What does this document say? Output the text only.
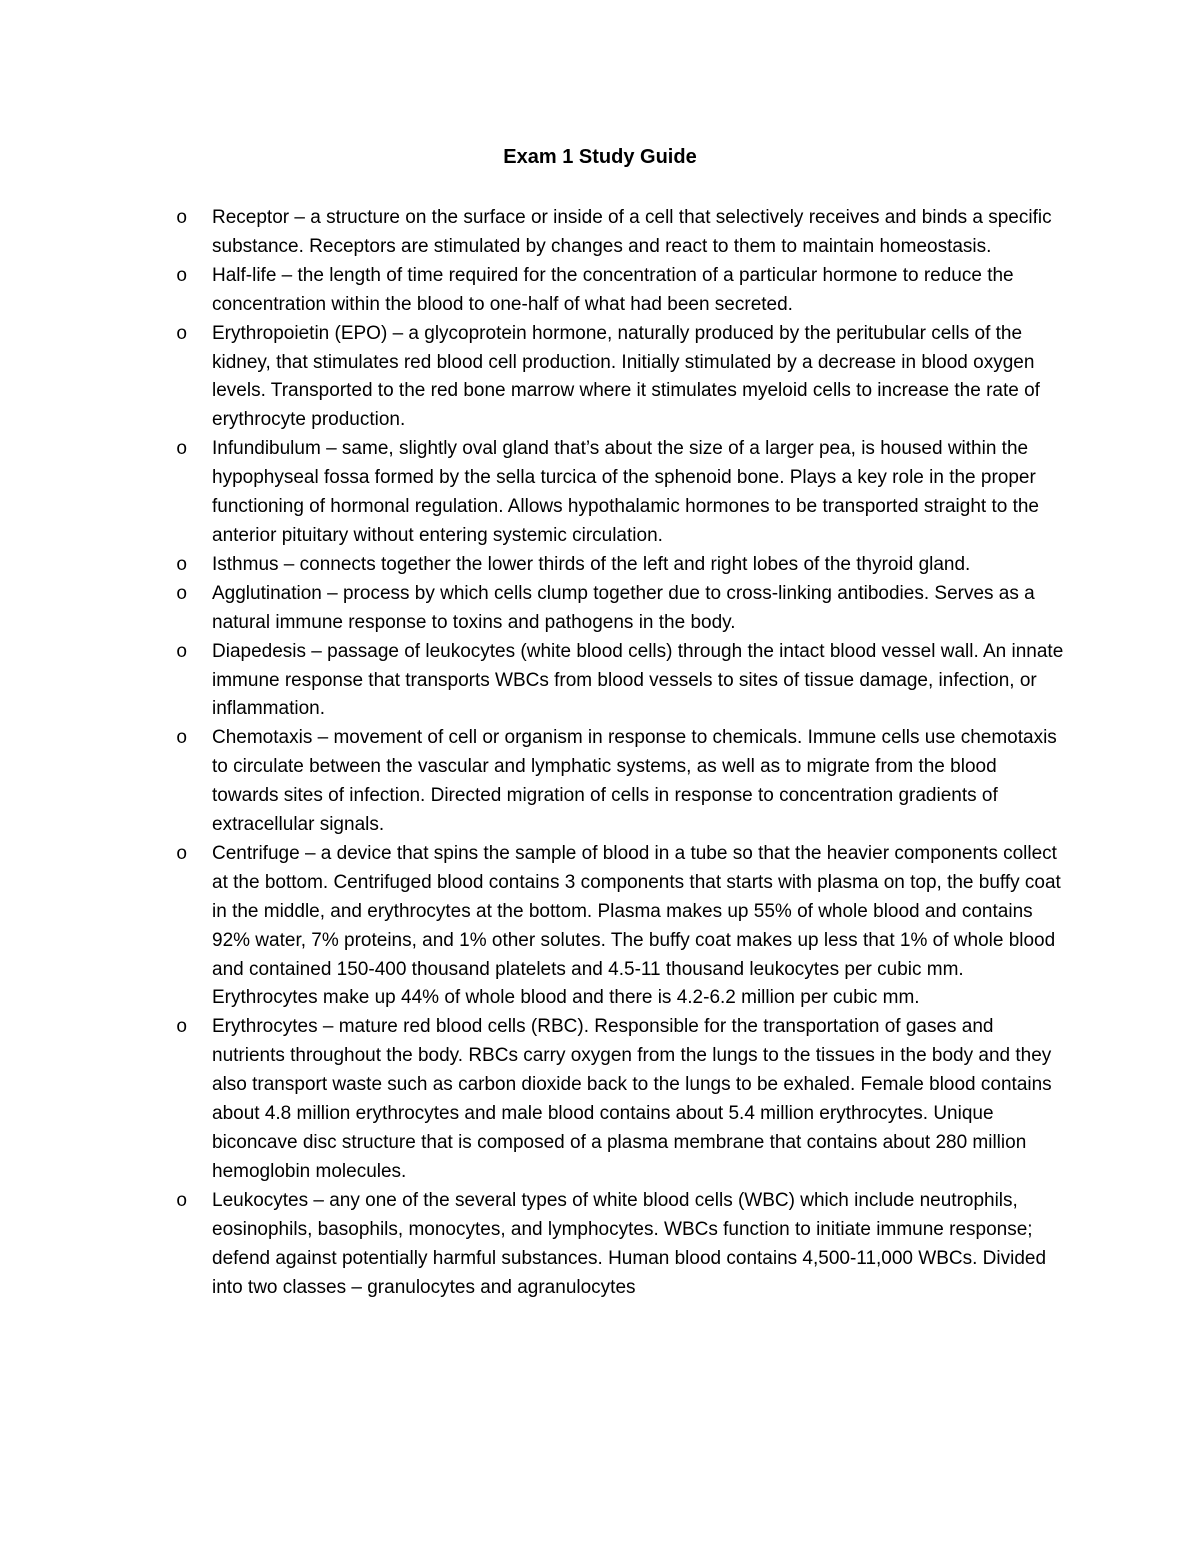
Exam 1 Study Guide
o	Receptor – a structure on the surface or inside of a cell that selectively receives and binds a specific substance. Receptors are stimulated by changes and react to them to maintain homeostasis.
o	Half-life – the length of time required for the concentration of a particular hormone to reduce the concentration within the blood to one-half of what had been secreted.
o	Erythropoietin (EPO) – a glycoprotein hormone, naturally produced by the peritubular cells of the kidney, that stimulates red blood cell production. Initially stimulated by a decrease in blood oxygen levels. Transported to the red bone marrow where it stimulates myeloid cells to increase the rate of erythrocyte production.
o	Infundibulum – same, slightly oval gland that’s about the size of a larger pea, is housed within the hypophyseal fossa formed by the sella turcica of the sphenoid bone. Plays a key role in the proper functioning of hormonal regulation. Allows hypothalamic hormones to be transported straight to the anterior pituitary without entering systemic circulation.
o	Isthmus – connects together the lower thirds of the left and right lobes of the thyroid gland.
o	Agglutination – process by which cells clump together due to cross-linking antibodies. Serves as a natural immune response to toxins and pathogens in the body.
o	Diapedesis – passage of leukocytes (white blood cells) through the intact blood vessel wall. An innate immune response that transports WBCs from blood vessels to sites of tissue damage, infection, or inflammation.
o	Chemotaxis – movement of cell or organism in response to chemicals. Immune cells use chemotaxis to circulate between the vascular and lymphatic systems, as well as to migrate from the blood towards sites of infection. Directed migration of cells in response to concentration gradients of extracellular signals.
o	Centrifuge – a device that spins the sample of blood in a tube so that the heavier components collect at the bottom. Centrifuged blood contains 3 components that starts with plasma on top, the buffy coat in the middle, and erythrocytes at the bottom. Plasma makes up 55% of whole blood and contains 92% water, 7% proteins, and 1% other solutes. The buffy coat makes up less that 1% of whole blood and contained 150-400 thousand platelets and 4.5-11 thousand leukocytes per cubic mm. Erythrocytes make up 44% of whole blood and there is 4.2-6.2 million per cubic mm.
o	Erythrocytes – mature red blood cells (RBC). Responsible for the transportation of gases and nutrients throughout the body. RBCs carry oxygen from the lungs to the tissues in the body and they also transport waste such as carbon dioxide back to the lungs to be exhaled. Female blood contains about 4.8 million erythrocytes and male blood contains about 5.4 million erythrocytes. Unique biconcave disc structure that is composed of a plasma membrane that contains about 280 million hemoglobin molecules.
o	Leukocytes – any one of the several types of white blood cells (WBC) which include neutrophils, eosinophils, basophils, monocytes, and lymphocytes. WBCs function to initiate immune response; defend against potentially harmful substances. Human blood contains 4,500-11,000 WBCs. Divided into two classes – granulocytes and agranulocytes
